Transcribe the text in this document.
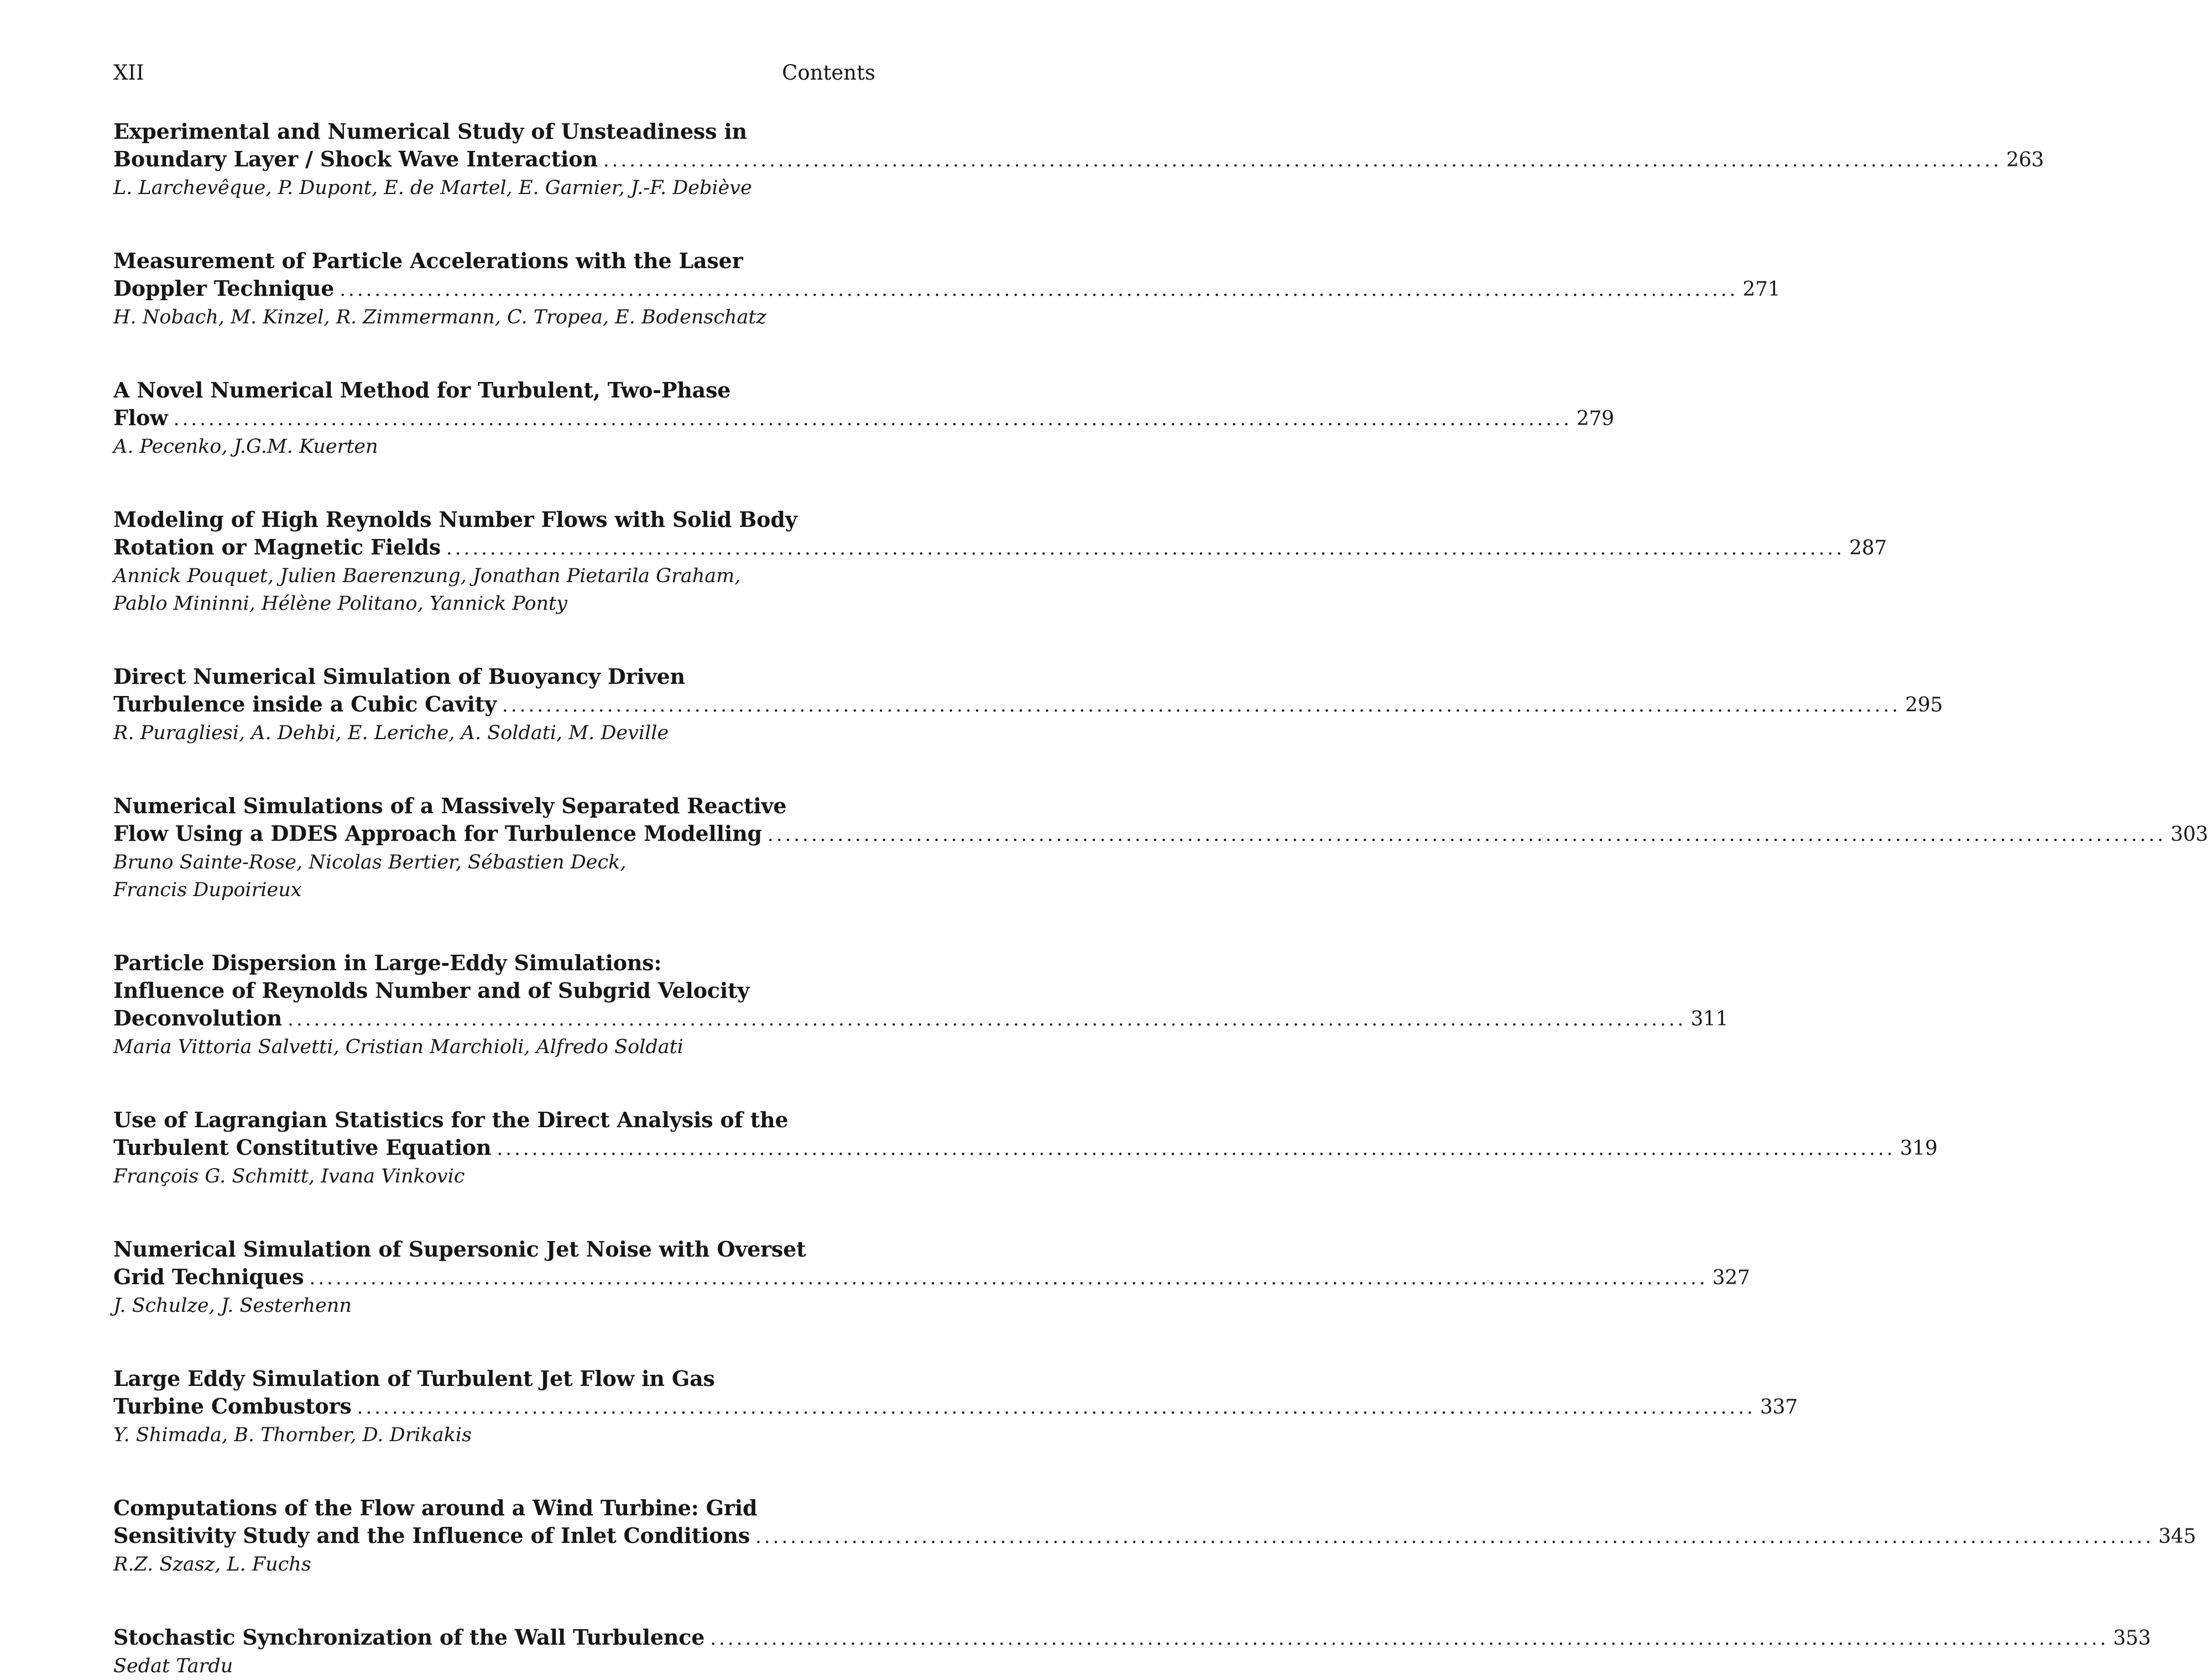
XII	Contents
Experimental and Numerical Study of Unsteadiness in
Boundary Layer / Shock Wave Interaction ................................................................................................................................................................ 263
L. Larchevêque, P. Dupont, E. de Martel, E. Garnier, J.-F. Debiève
Measurement of Particle Accelerations with the Laser
Doppler Technique ................................................................................................................................................................ 271
H. Nobach, M. Kinzel, R. Zimmermann, C. Tropea, E. Bodenschatz
A Novel Numerical Method for Turbulent, Two-Phase
Flow ................................................................................................................................................................ 279
A. Pecenko, J.G.M. Kuerten
Modeling of High Reynolds Number Flows with Solid Body
Rotation or Magnetic Fields ................................................................................................................................................................ 287
Annick Pouquet, Julien Baerenzung, Jonathan Pietarila Graham,
Pablo Mininni, Hélène Politano, Yannick Ponty
Direct Numerical Simulation of Buoyancy Driven
Turbulence inside a Cubic Cavity ................................................................................................................................................................ 295
R. Puragliesi, A. Dehbi, E. Leriche, A. Soldati, M. Deville
Numerical Simulations of a Massively Separated Reactive
Flow Using a DDES Approach for Turbulence Modelling ................................................................................................................................................................ 303
Bruno Sainte-Rose, Nicolas Bertier, Sébastien Deck,
Francis Dupoirieux
Particle Dispersion in Large-Eddy Simulations:
Influence of Reynolds Number and of Subgrid Velocity
Deconvolution ................................................................................................................................................................ 311
Maria Vittoria Salvetti, Cristian Marchioli, Alfredo Soldati
Use of Lagrangian Statistics for the Direct Analysis of the
Turbulent Constitutive Equation ................................................................................................................................................................ 319
François G. Schmitt, Ivana Vinkovic
Numerical Simulation of Supersonic Jet Noise with Overset
Grid Techniques ................................................................................................................................................................ 327
J. Schulze, J. Sesterhenn
Large Eddy Simulation of Turbulent Jet Flow in Gas
Turbine Combustors ................................................................................................................................................................ 337
Y. Shimada, B. Thornber, D. Drikakis
Computations of the Flow around a Wind Turbine: Grid
Sensitivity Study and the Influence of Inlet Conditions ................................................................................................................................................................ 345
R.Z. Szasz, L. Fuchs
Stochastic Synchronization of the Wall Turbulence ................................................................................................................................................................ 353
Sedat Tardu
